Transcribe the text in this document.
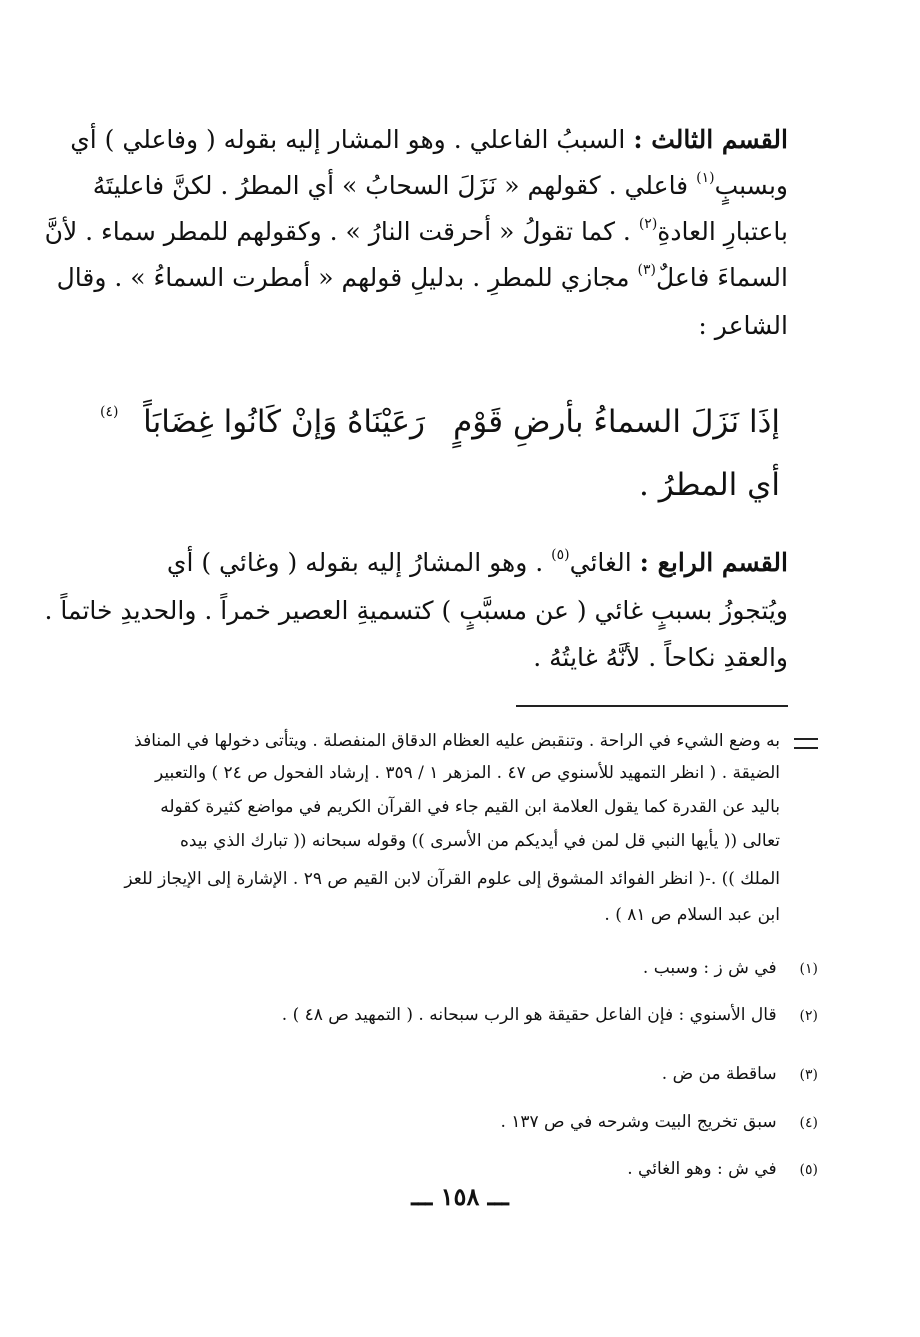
القسم الثالث : السببُ الفاعلي . وهو المشار إليه بقوله ( وفاعلي ) أي
وبسببٍ$^{(١)}$ فاعلي . كقولهم « نَزَلَ السحابُ » أي المطرُ . لكنَّ فاعليتَهُ
باعتبارِ العادةِ$^{(٢)}$ . كما تقولُ « أحرقت النارُ » . وكقولهم للمطر سماء . لأنَّ
السماءَ فاعلٌ$^{(٣)}$ مجازي للمطرِ . بدليلِ قولهم « أمطرت السماءُ » . وقال
الشاعر :
إذَا نَزَلَ السماءُ بأرضِ قَوْمٍ
رَعَيْنَاهُ وَإنْ كَانُوا غِضَابَاً
(٤)
أي المطرُ .
القسم الرابع : الغائي$^{(٥)}$ . وهو المشارُ إليه بقوله ( وغائي ) أي
ويُتجوزُ بسببٍ غائي ( عن مسبَّبٍ ) كتسميةِ العصير خمراً . والحديدِ خاتماً .
والعقدِ نكاحاً . لأنَّهُ غايتُهُ .
به وضع الشيء في الراحة . وتنقبض عليه العظام الدقاق المنفصلة . ويتأتى دخولها في المنافذ
الضيقة . ( انظر التمهيد للأسنوي ص ٤٧ . المزهر ١ / ٣٥٩ . إرشاد الفحول ص ٢٤ ) والتعبير
باليد عن القدرة كما يقول العلامة ابن القيم جاء في القرآن الكريم في مواضع كثيرة كقوله
تعالى (( يأيها النبي قل لمن في أيديكم من الأسرى )) وقوله سبحانه (( تبارك الذي بيده
الملك )) .-( انظر الفوائد المشوق إلى علوم القرآن لابن القيم ص ٢٩ . الإشارة إلى الإيجاز للعز
ابن عبد السلام ص ٨١ ) .
(١) في ش ز : وسبب .
(٢) قال الأسنوي : فإن الفاعل حقيقة هو الرب سبحانه . ( التمهيد ص ٤٨ ) .
(٣) ساقطة من ض .
(٤) سبق تخريج البيت وشرحه في ص ١٣٧ .
(٥) في ش : وهو الغائي .
ـــ ١٥٨ ـــ
